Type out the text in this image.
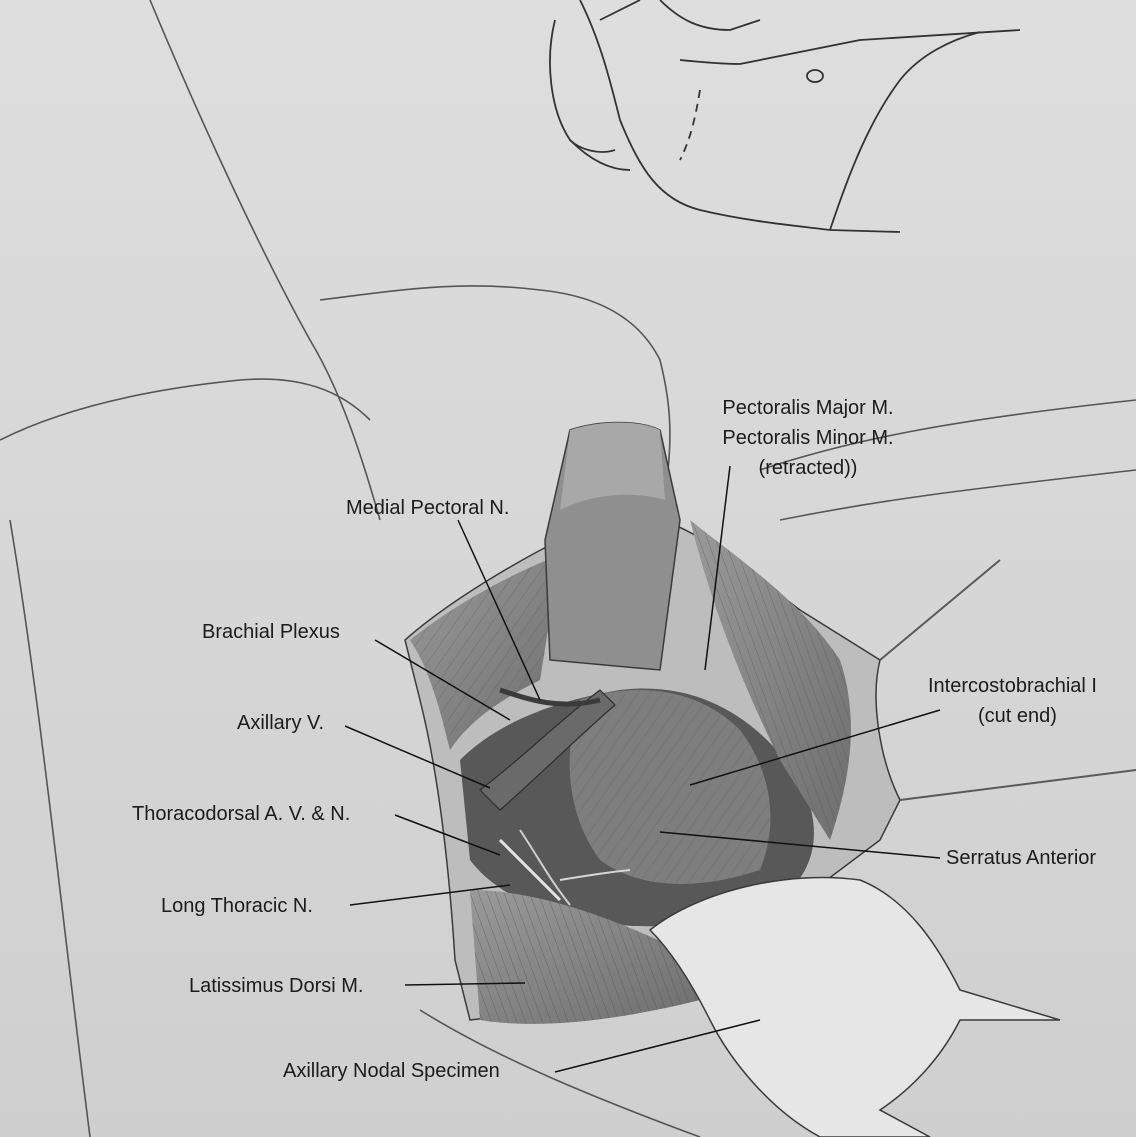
Pectoralis Major M.
Pectoralis Minor M.
(retracted))
Medial Pectoral N.
Brachial Plexus
Axillary V.
Thoracodorsal A. V. & N.
Long Thoracic N.
Latissimus Dorsi M.
Axillary Nodal Specimen
Intercostobrachial I
(cut end)
Serratus Anterior
